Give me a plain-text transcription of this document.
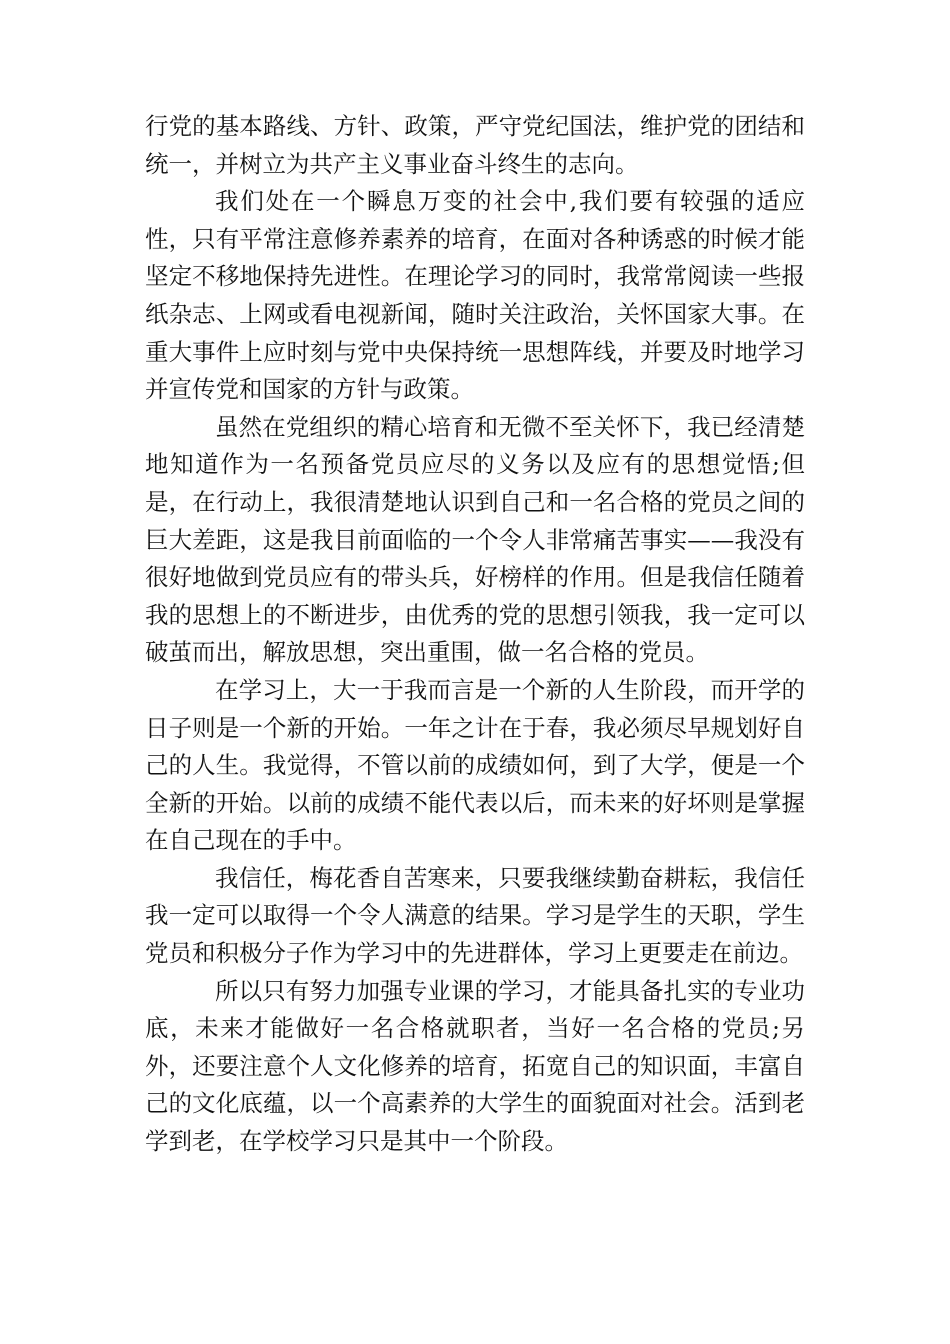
行党的基本路线、方针、政策，严守党纪国法，维护党的团结和统一，并树立为共产主义事业奋斗终生的志向。

我们处在一个瞬息万变的社会中,我们要有较强的适应性，只有平常注意修养素养的培育，在面对各种诱惑的时候才能坚定不移地保持先进性。在理论学习的同时，我常常阅读一些报纸杂志、上网或看电视新闻，随时关注政治，关怀国家大事。在重大事件上应时刻与党中央保持统一思想阵线，并要及时地学习并宣传党和国家的方针与政策。

虽然在党组织的精心培育和无微不至关怀下，我已经清楚地知道作为一名预备党员应尽的义务以及应有的思想觉悟;但是，在行动上，我很清楚地认识到自己和一名合格的党员之间的巨大差距，这是我目前面临的一个令人非常痛苦事实——我没有很好地做到党员应有的带头兵，好榜样的作用。但是我信任随着我的思想上的不断进步，由优秀的党的思想引领我，我一定可以破茧而出，解放思想，突出重围，做一名合格的党员。

在学习上，大一于我而言是一个新的人生阶段，而开学的日子则是一个新的开始。一年之计在于春，我必须尽早规划好自己的人生。我觉得，不管以前的成绩如何，到了大学，便是一个全新的开始。以前的成绩不能代表以后，而未来的好坏则是掌握在自己现在的手中。

我信任，梅花香自苦寒来，只要我继续勤奋耕耘，我信任我一定可以取得一个令人满意的结果。学习是学生的天职，学生党员和积极分子作为学习中的先进群体，学习上更要走在前边。

所以只有努力加强专业课的学习，才能具备扎实的专业功底，未来才能做好一名合格就职者，当好一名合格的党员;另外，还要注意个人文化修养的培育，拓宽自己的知识面，丰富自己的文化底蕴，以一个高素养的大学生的面貌面对社会。活到老学到老，在学校学习只是其中一个阶段。
